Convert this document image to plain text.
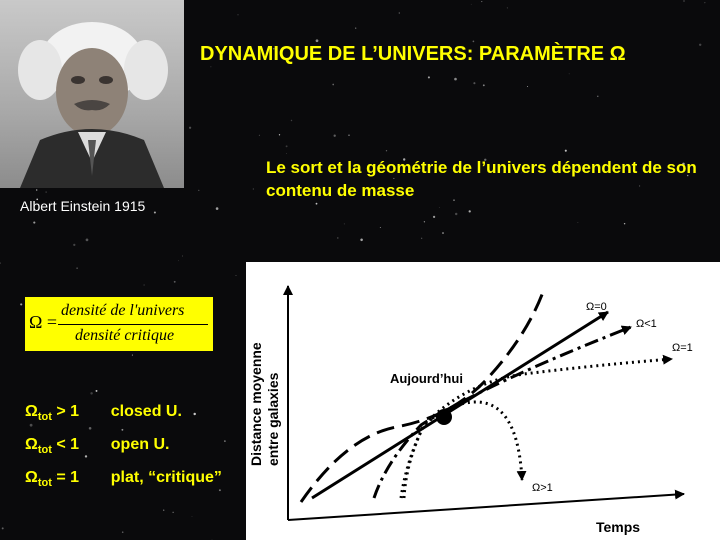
Albert Einstein 1915
DYNAMIQUE DE L’UNIVERS: PARAMÈTRE Ω
Le sort et la géométrie de l’univers dépendent de son contenu de masse
Ω =
densité de l'univers
densité critique
$\Omega_{tot} > 1$ closed U.
$\Omega_{tot} < 1$ open U.
$\Omega_{tot} = 1$ plat, “critique”
Ω=0
Ω<1
Ω=1
Ω>1
Aujourd’hui
Temps
Distance moyenne entre galaxies
